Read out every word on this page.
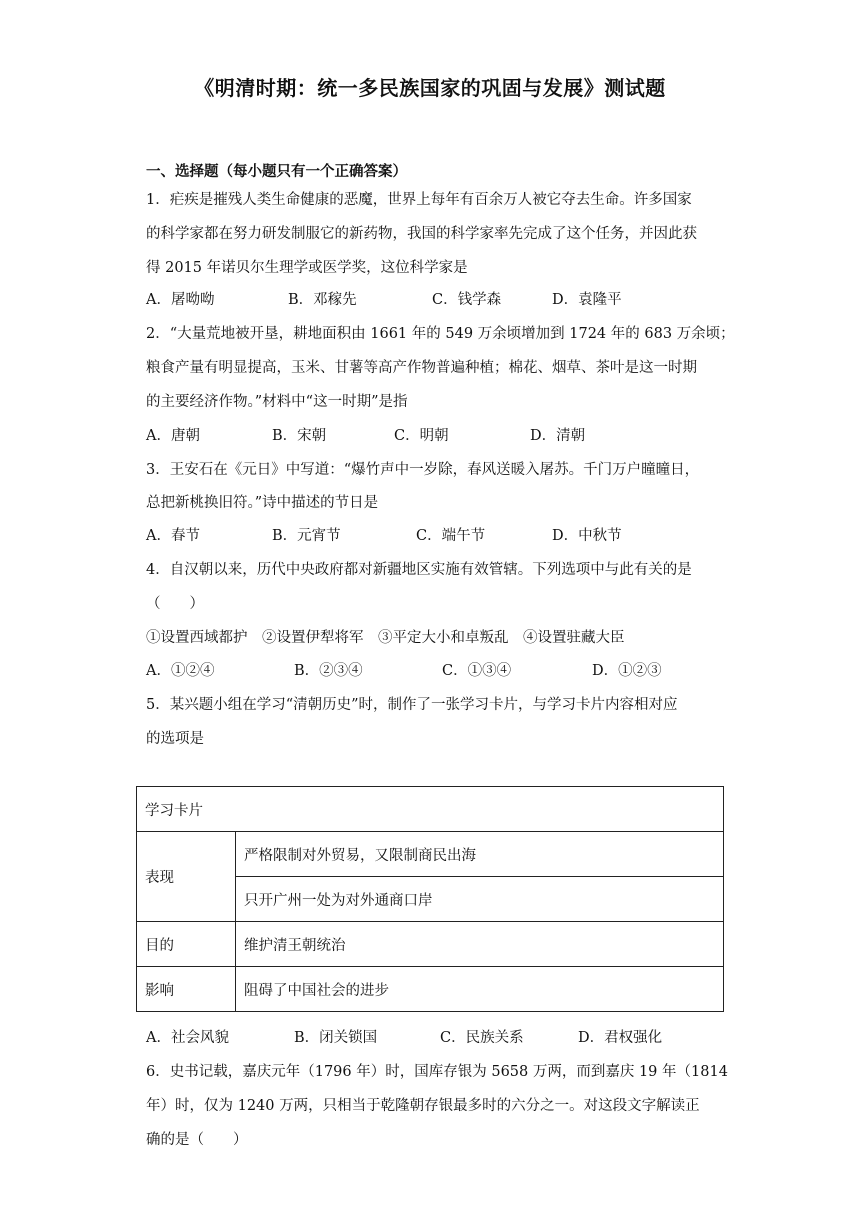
《明清时期：统一多民族国家的巩固与发展》测试题
一、选择题（每小题只有一个正确答案）
1．疟疾是摧残人类生命健康的恶魔，世界上每年有百余万人被它夺去生命。许多国家
的科学家都在努力研发制服它的新药物，我国的科学家率先完成了这个任务，并因此获
得 2015 年诺贝尔生理学或医学奖，这位科学家是
A．屠呦呦	B．邓稼先	C．钱学森	D．袁隆平
2．“大量荒地被开垦，耕地面积由 1661 年的 549 万余顷增加到 1724 年的 683 万余顷；
粮食产量有明显提高，玉米、甘薯等高产作物普遍种植；棉花、烟草、茶叶是这一时期
的主要经济作物。”材料中“这一时期”是指
A．唐朝	B．宋朝	C．明朝	D．清朝
3．王安石在《元日》中写道：“爆竹声中一岁除，春风送暖入屠苏。千门万户曈曈日，
总把新桃换旧符。”诗中描述的节日是
A．春节	B．元宵节	C．端午节	D．中秋节
4．自汉朝以来，历代中央政府都对新疆地区实施有效管辖。下列选项中与此有关的是
（　　）
①设置西域都护　②设置伊犁将军　③平定大小和卓叛乱　④设置驻藏大臣
A．①②④	B．②③④	C．①③④	D．①②③
5．某兴题小组在学习“清朝历史”时，制作了一张学习卡片，与学习卡片内容相对应
的选项是
学习卡片	
表现	严格限制对外贸易，又限制商民出海
	只开广州一处为对外通商口岸
目的	维护清王朝统治
影响	阻碍了中国社会的进步
A．社会风貌	B．闭关锁国	C．民族关系	D．君权强化
6．史书记载，嘉庆元年（1796 年）时，国库存银为 5658 万两，而到嘉庆 19 年（1814
年）时，仅为 1240 万两，只相当于乾隆朝存银最多时的六分之一。对这段文字解读正
确的是（　　）
